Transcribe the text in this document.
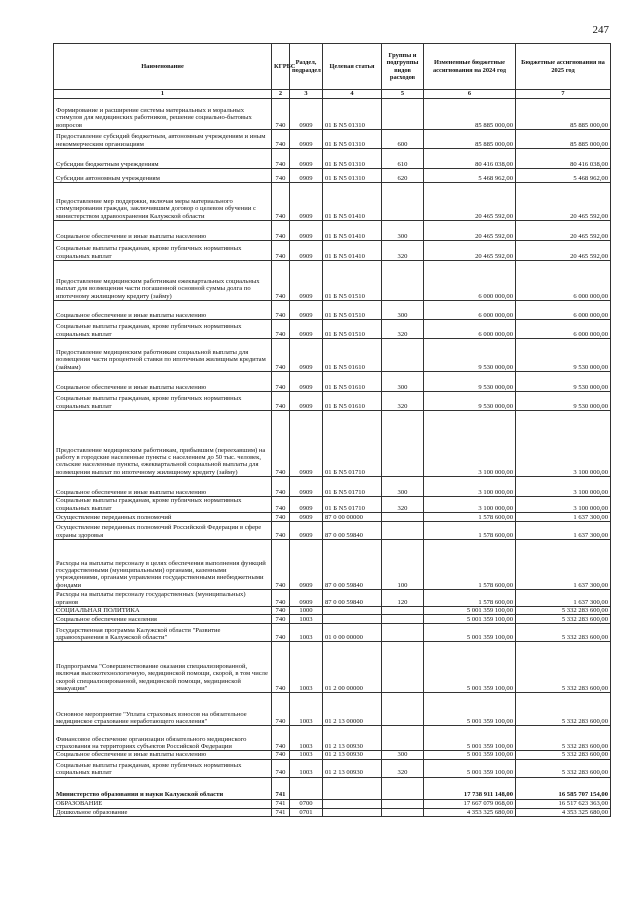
247
Наименование	КГРБС	Раздел, подраздел	Целевая статья	Группы и подгруппы видов расходов	Измененные бюджетные ассигнования на 2024 год	Бюджетные ассигнования на 2025 год
1	2	3	4	5	6	7
Формирование и расширение системы материальных и моральных стимулов для медицинских работников, решение социально-бытовых вопросов	740	0909	01 Б N5 01310		85 885 000,00	85 885 000,00
Предоставление субсидий бюджетным, автономным учреждениям и иным некоммерческим организациям	740	0909	01 Б N5 01310	600	85 885 000,00	85 885 000,00
Субсидии бюджетным учреждениям	740	0909	01 Б N5 01310	610	80 416 038,00	80 416 038,00
Субсидии автономным учреждениям	740	0909	01 Б N5 01310	620	5 468 962,00	5 468 962,00
Предоставление мер поддержки, включая меры материального стимулирования граждан, заключившим договор о целевом обучении с министерством здравоохранения Калужской области	740	0909	01 Б N5 01410		20 465 592,00	20 465 592,00
Социальное обеспечение и иные выплаты населению	740	0909	01 Б N5 01410	300	20 465 592,00	20 465 592,00
Социальные выплаты гражданам, кроме публичных нормативных социальных выплат	740	0909	01 Б N5 01410	320	20 465 592,00	20 465 592,00
Предоставление медицинским работникам ежеквартальных социальных выплат для возмещения части погашенной основной суммы долга по ипотечному жилищному кредиту (займу)	740	0909	01 Б N5 01510		6 000 000,00	6 000 000,00
Социальное обеспечение и иные выплаты населению	740	0909	01 Б N5 01510	300	6 000 000,00	6 000 000,00
Социальные выплаты гражданам, кроме публичных нормативных социальных выплат	740	0909	01 Б N5 01510	320	6 000 000,00	6 000 000,00
Предоставление медицинским работникам социальной выплаты для возмещения части процентной ставки по ипотечным жилищным кредитам (займам)	740	0909	01 Б N5 01610		9 530 000,00	9 530 000,00
Социальное обеспечение и иные выплаты населению	740	0909	01 Б N5 01610	300	9 530 000,00	9 530 000,00
Социальные выплаты гражданам, кроме публичных нормативных социальных выплат	740	0909	01 Б N5 01610	320	9 530 000,00	9 530 000,00
Предоставление медицинским работникам, прибывшим (переехавшим) на работу в городские населенные пункты с населением до 50 тыс. человек, сельские населенные пункты, ежеквартальной социальной выплаты для возмещения выплат по ипотечному жилищному кредиту (займу)	740	0909	01 Б N5 01710		3 100 000,00	3 100 000,00
Социальное обеспечение и иные выплаты населению	740	0909	01 Б N5 01710	300	3 100 000,00	3 100 000,00
Социальные выплаты гражданам, кроме публичных нормативных социальных выплат	740	0909	01 Б N5 01710	320	3 100 000,00	3 100 000,00
Осуществление переданных полномочий	740	0909	87 0 00 00000		1 578 600,00	1 637 300,00
Осуществление переданных полномочий Российской Федерации в сфере охраны здоровья	740	0909	87 0 00 59840		1 578 600,00	1 637 300,00
Расходы на выплаты персоналу в целях обеспечения выполнения функций государственными (муниципальными) органами, казенными учреждениями, органами управления государственными внебюджетными фондами	740	0909	87 0 00 59840	100	1 578 600,00	1 637 300,00
Расходы на выплаты персоналу государственных (муниципальных) органов	740	0909	87 0 00 59840	120	1 578 600,00	1 637 300,00
СОЦИАЛЬНАЯ ПОЛИТИКА	740	1000			5 001 359 100,00	5 332 283 600,00
Социальное обеспечение населения	740	1003			5 001 359 100,00	5 332 283 600,00
Государственная программа Калужской области "Развитие здравоохранения в Калужской области"	740	1003	01 0 00 00000		5 001 359 100,00	5 332 283 600,00
Подпрограмма "Совершенствование оказания специализированной, включая высокотехнологичную, медицинской помощи, скорой, в том числе скорой специализированной, медицинской помощи, медицинской эвакуации"	740	1003	01 2 00 00000		5 001 359 100,00	5 332 283 600,00
Основное мероприятие "Уплата страховых взносов на обязательное медицинское страхование неработающего населения"	740	1003	01 2 13 00000		5 001 359 100,00	5 332 283 600,00
Финансовое обеспечение организации обязательного медицинского страхования на территориях субъектов Российской Федерации	740	1003	01 2 13 00930		5 001 359 100,00	5 332 283 600,00
Социальное обеспечение и иные выплаты населению	740	1003	01 2 13 00930	300	5 001 359 100,00	5 332 283 600,00
Социальные выплаты гражданам, кроме публичных нормативных социальных выплат	740	1003	01 2 13 00930	320	5 001 359 100,00	5 332 283 600,00
Министерство образования и науки Калужской области	741				17 738 911 148,00	16 585 707 154,00
ОБРАЗОВАНИЕ	741	0700			17 667 079 068,00	16 517 623 363,00
Дошкольное образование	741	0701			4 353 325 680,00	4 353 325 680,00
